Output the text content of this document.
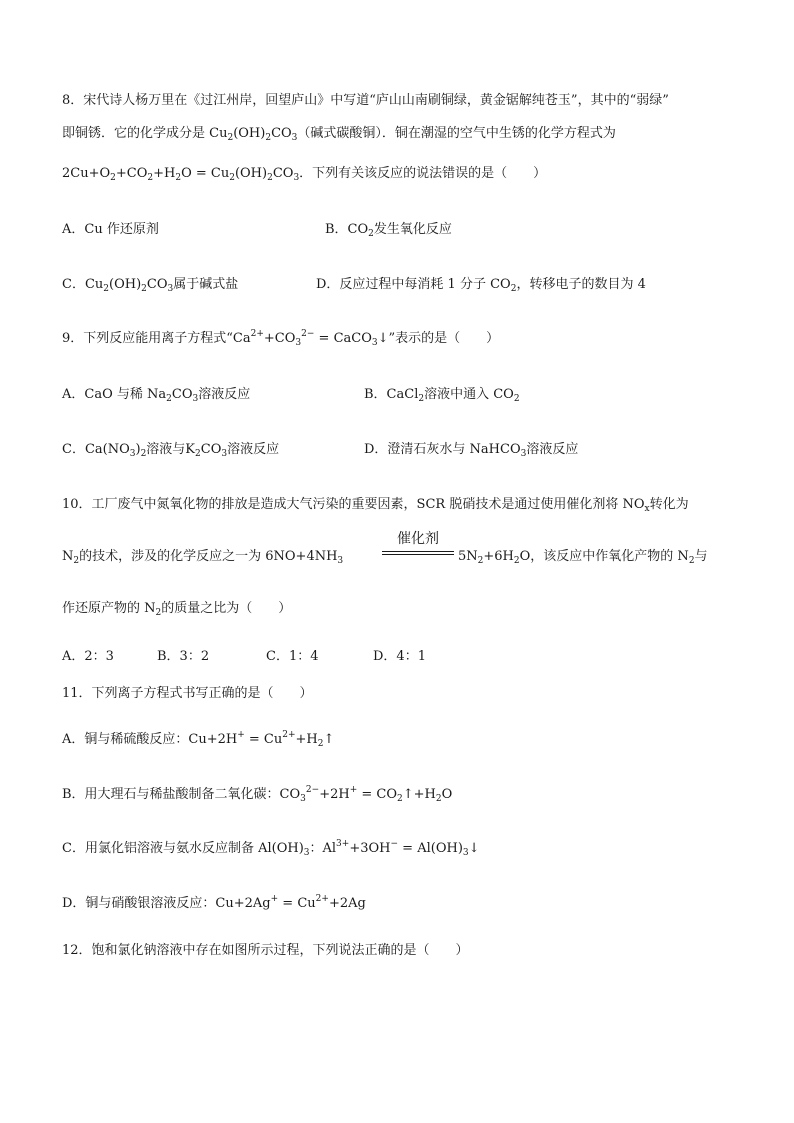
8．宋代诗人杨万里在《过江州岸，回望庐山》中写道“庐山山南刷铜绿，黄金锯解纯苍玉”，其中的“弱绿”
即铜锈．它的化学成分是 $Cu_2(OH)_2CO_3$（碱式碳酸铜）．铜在潮湿的空气中生锈的化学方程式为
$2Cu+O_2+CO_2+H_2O = Cu_2(OH)_2CO_3$．下列有关该反应的说法错误的是（　　）
A．Cu 作还原剂	B．$CO_2$发生氧化反应
C．$Cu_2(OH)_2CO_3$属于碱式盐	D．反应过程中每消耗 1 分子 $CO_2$，转移电子的数目为 4
9．下列反应能用离子方程式“$Ca^{2+}+CO_3^{2-}$ = CaCO$_3$↓”表示的是（　　）
A．CaO 与稀 $Na_2CO_3$溶液反应	B．CaCl$_2$溶液中通入 $CO_2$
C．$Ca(NO_3)_2$溶液与$K_2CO_3$溶液反应	D．澄清石灰水与 NaHCO$_3$溶液反应
10．工厂废气中氮氧化物的排放是造成大气污染的重要因素，SCR 脱硝技术是通过使用催化剂将 $NO_x$转化为
催化剂
$N_2$的技术，涉及的化学反应之一为 $6NO+4NH_3$	$5N_2+6H_2O$，该反应中作氧化产物的 $N_2$与
作还原产物的 $N_2$的质量之比为（　　）
A．2：3	B．3：2	C．1：4	D．4：1
11．下列离子方程式书写正确的是（　　）
A．铜与稀硫酸反应：$Cu+2H^+ = Cu^{2+}+H_2↑$
B．用大理石与稀盐酸制备二氧化碳：$CO_3^{2-}+2H^+$ = $CO_2↑+H_2O$
C．用氯化铝溶液与氨水反应制备 $Al(OH)_3$：$Al^{3+}+3OH^-$ = $Al(OH)_3↓$
D．铜与硝酸银溶液反应：$Cu+2Ag^+ = Cu^{2+}+2Ag$
12．饱和氯化钠溶液中存在如图所示过程，下列说法正确的是（　　）
